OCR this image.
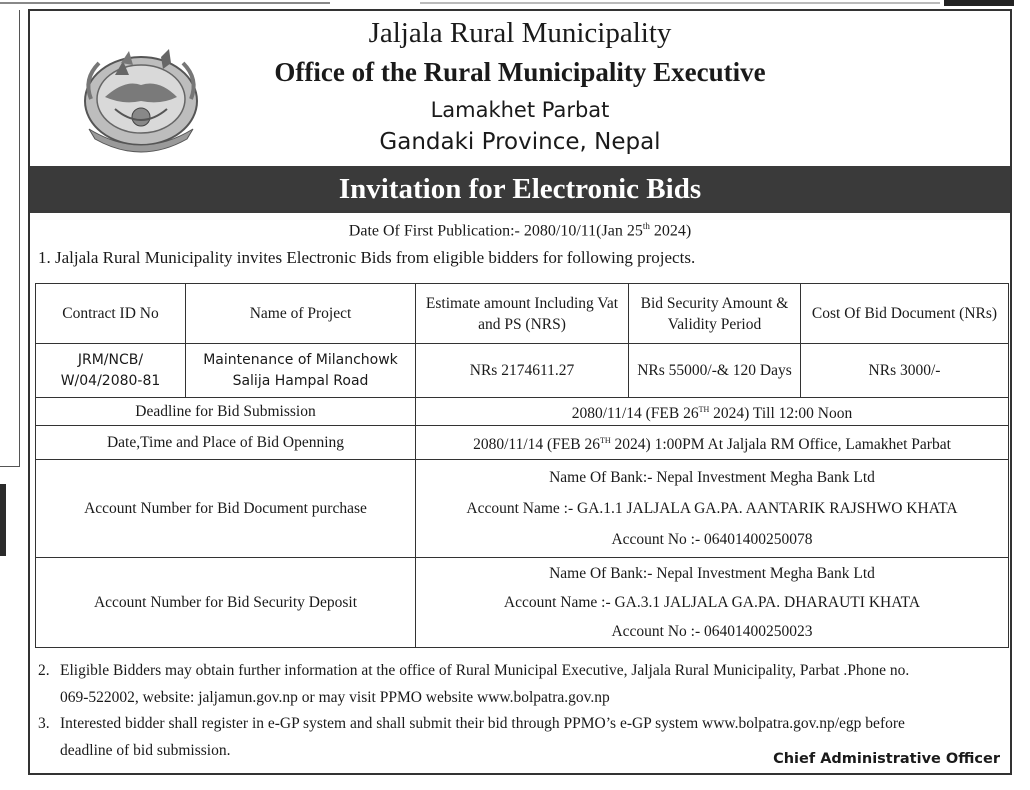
Jaljala Rural Municipality
Office of the Rural Municipality Executive
Lamakhet Parbat
Gandaki Province, Nepal
Invitation for Electronic Bids
Date Of First Publication:- 2080/10/11(Jan 25th 2024)
1. Jaljala Rural Municipality invites Electronic Bids from eligible bidders for following projects.
Contract ID No	Name of Project	Estimate amount Including Vat and PS (NRS)	Bid Security Amount & Validity Period	Cost Of Bid Document (NRs)
JRM/NCB/ W/04/2080-81	Maintenance of Milanchowk Salija Hampal Road	NRs 2174611.27	NRs 55000/-& 120 Days	NRs 3000/-
Deadline for Bid Submission		2080/11/14 (FEB 26TH 2024) Till 12:00 Noon		
Date,Time and Place of Bid Openning		2080/11/14 (FEB 26TH 2024) 1:00PM At Jaljala RM Office, Lamakhet Parbat		
Account Number for Bid Document purchase		Name Of Bank:- Nepal Investment Megha Bank Ltd
Account Name :- GA.1.1 JALJALA GA.PA. AANTARIK RAJSHWO KHATA
Account No :- 06401400250078		

Account Number for Bid Security Deposit		Name Of Bank:- Nepal Investment Megha Bank Ltd
Account Name :- GA.3.1 JALJALA GA.PA. DHARAUTI KHATA
Account No :- 06401400250023		
2. Eligible Bidders may obtain further information at the office of Rural Municipal Executive, Jaljala Rural Municipality, Parbat .Phone no.
069-522002, website: jaljamun.gov.np or may visit PPMO website www.bolpatra.gov.np
3. Interested bidder shall register in e-GP system and shall submit their bid through PPMO’s e-GP system www.bolpatra.gov.np/egp before
deadline of bid submission.	Chief Administrative Officer
